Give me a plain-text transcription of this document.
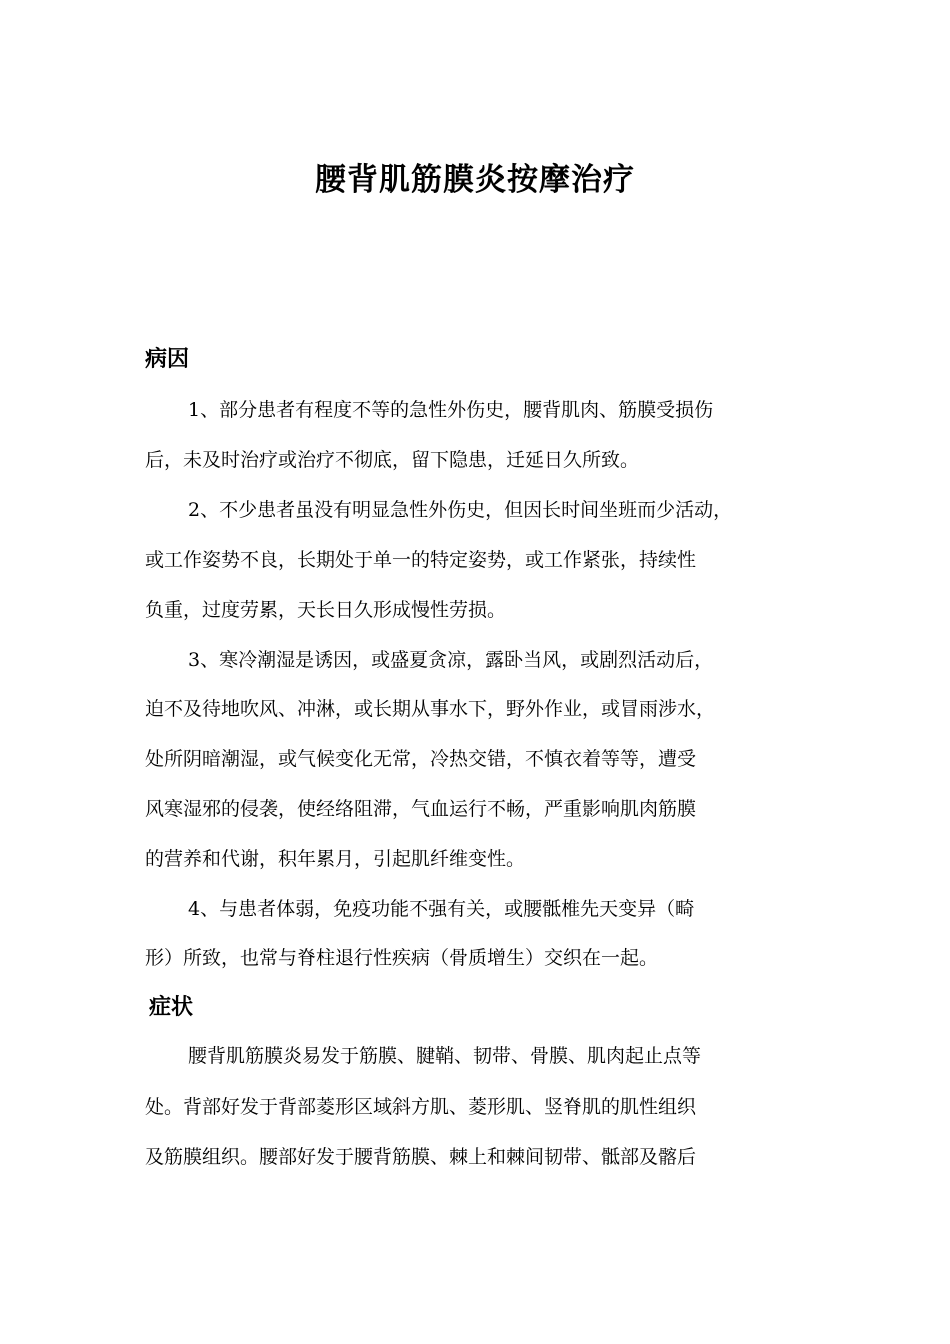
腰背肌筋膜炎按摩治疗
病因

1、部分患者有程度不等的急性外伤史，腰背肌肉、筋膜受损伤

后，未及时治疗或治疗不彻底，留下隐患，迁延日久所致。

2、不少患者虽没有明显急性外伤史，但因长时间坐班而少活动，

或工作姿势不良，长期处于单一的特定姿势，或工作紧张，持续性

负重，过度劳累，天长日久形成慢性劳损。

3、寒冷潮湿是诱因，或盛夏贪凉，露卧当风，或剧烈活动后，

迫不及待地吹风、冲淋，或长期从事水下，野外作业，或冒雨涉水，

处所阴暗潮湿，或气候变化无常，冷热交错，不慎衣着等等，遭受

风寒湿邪的侵袭，使经络阻滞，气血运行不畅，严重影响肌肉筋膜

的营养和代谢，积年累月，引起肌纤维变性。

4、与患者体弱，免疫功能不强有关，或腰骶椎先天变异（畸

形）所致，也常与脊柱退行性疾病（骨质增生）交织在一起。

症状

腰背肌筋膜炎易发于筋膜、腱鞘、韧带、骨膜、肌肉起止点等

处。背部好发于背部菱形区域斜方肌、菱形肌、竖脊肌的肌性组织

及筋膜组织。腰部好发于腰背筋膜、棘上和棘间韧带、骶部及髂后
